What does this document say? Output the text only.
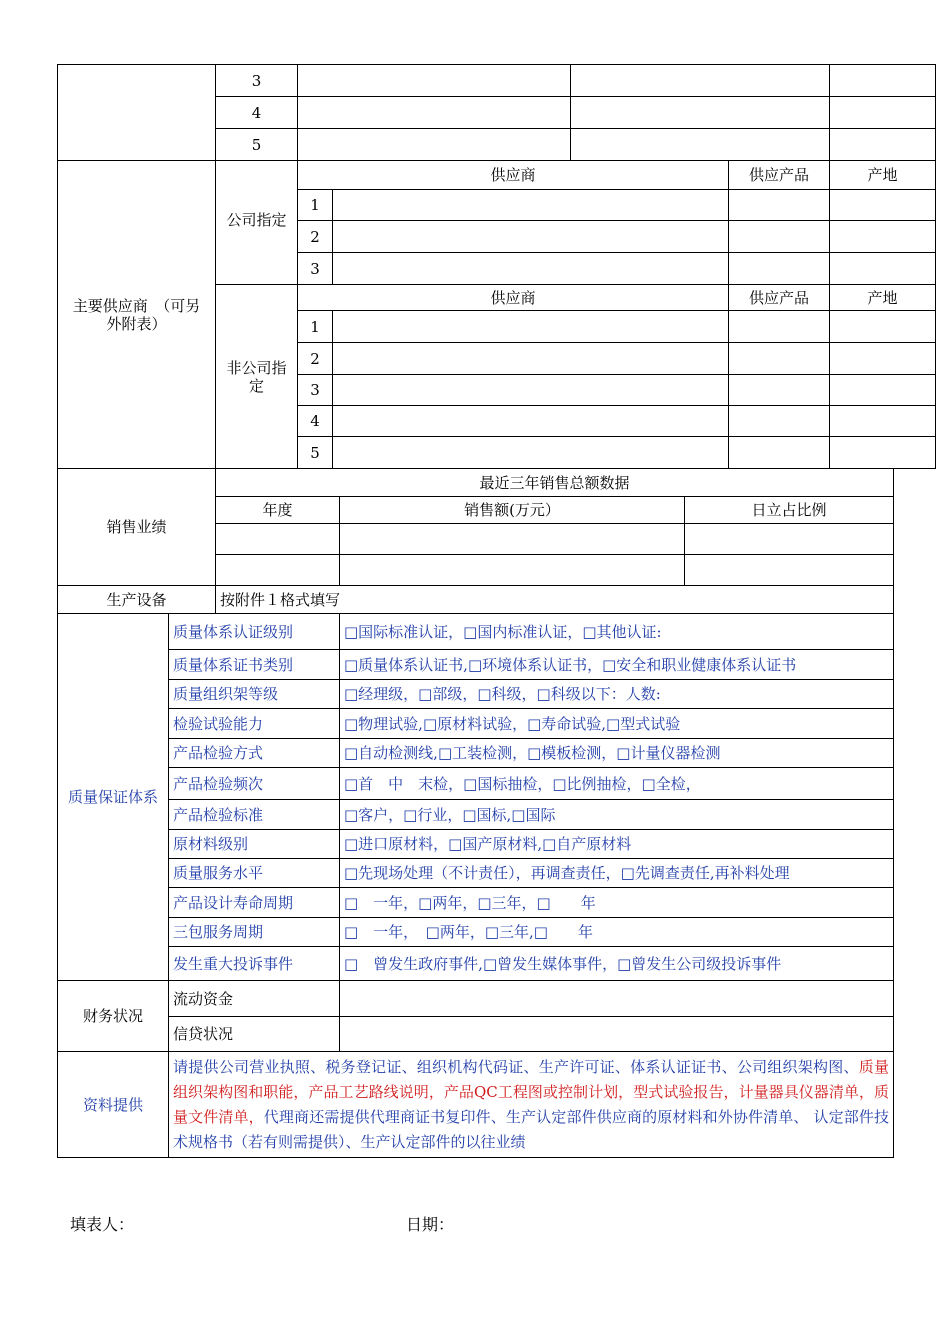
	3					
	4					
	5					
主要供应商　（可另外附表）	公司指定	供应商			供应产品	产地
		1				
		2				
		3				
	非公司指定	供应商			供应产品	产地
		1				
		2				
		3				
		4				
		5				
销售业绩	最近三年销售总额数据		
	年度	销售额(万元）	日立占比例

生产设备	按附件１格式填写		
质量保证体系	质量体系认证级别	□国际标准认证，□国内标准认证，□其他认证:
	质量体系证书类别	□质量体系认证书,□环境体系认证书，□安全和职业健康体系认证书
	质量组织架等级	□经理级，□部级，□科级，□科级以下：人数:
	检验试验能力	□物理试验,□原材料试验，□寿命试验,□型式试验
	产品检验方式	□自动检测线,□工装检测，□模板检测，□计量仪器检测
	产品检验频次	□首　中　末检，□国标抽检，□比例抽检，□全检，
	产品检验标准	□客户，□行业，□国标,□国际
	原材料级别	□进口原材料，□国产原材料,□自产原材料
	质量服务水平	□先现场处理（不计责任），再调查责任，□先调查责任,再补料处理
	产品设计寿命周期	□　一年，□两年，□三年，□　　年
	三包服务周期	□　一年，　□两年，□三年,□　　年
	发生重大投诉事件	□　曾发生政府事件,□曾发生媒体事件，□曾发生公司级投诉事件
财务状况	流动资金	
	信贷状况	
资料提供	请提供公司营业执照、税务登记证、组织机构代码证、生产许可证、体系认证证书、公司组织架构图、质量组织架构图和职能，产品工艺路线说明，产品QC工程图或控制计划，型式试验报告，计量器具仪器清单，质量文件清单，代理商还需提供代理商证书复印件、生产认定部件供应商的原材料和外协件清单、 认定部件技术规格书（若有则需提供）、生产认定部件的以往业绩	
填表人：	日期：
